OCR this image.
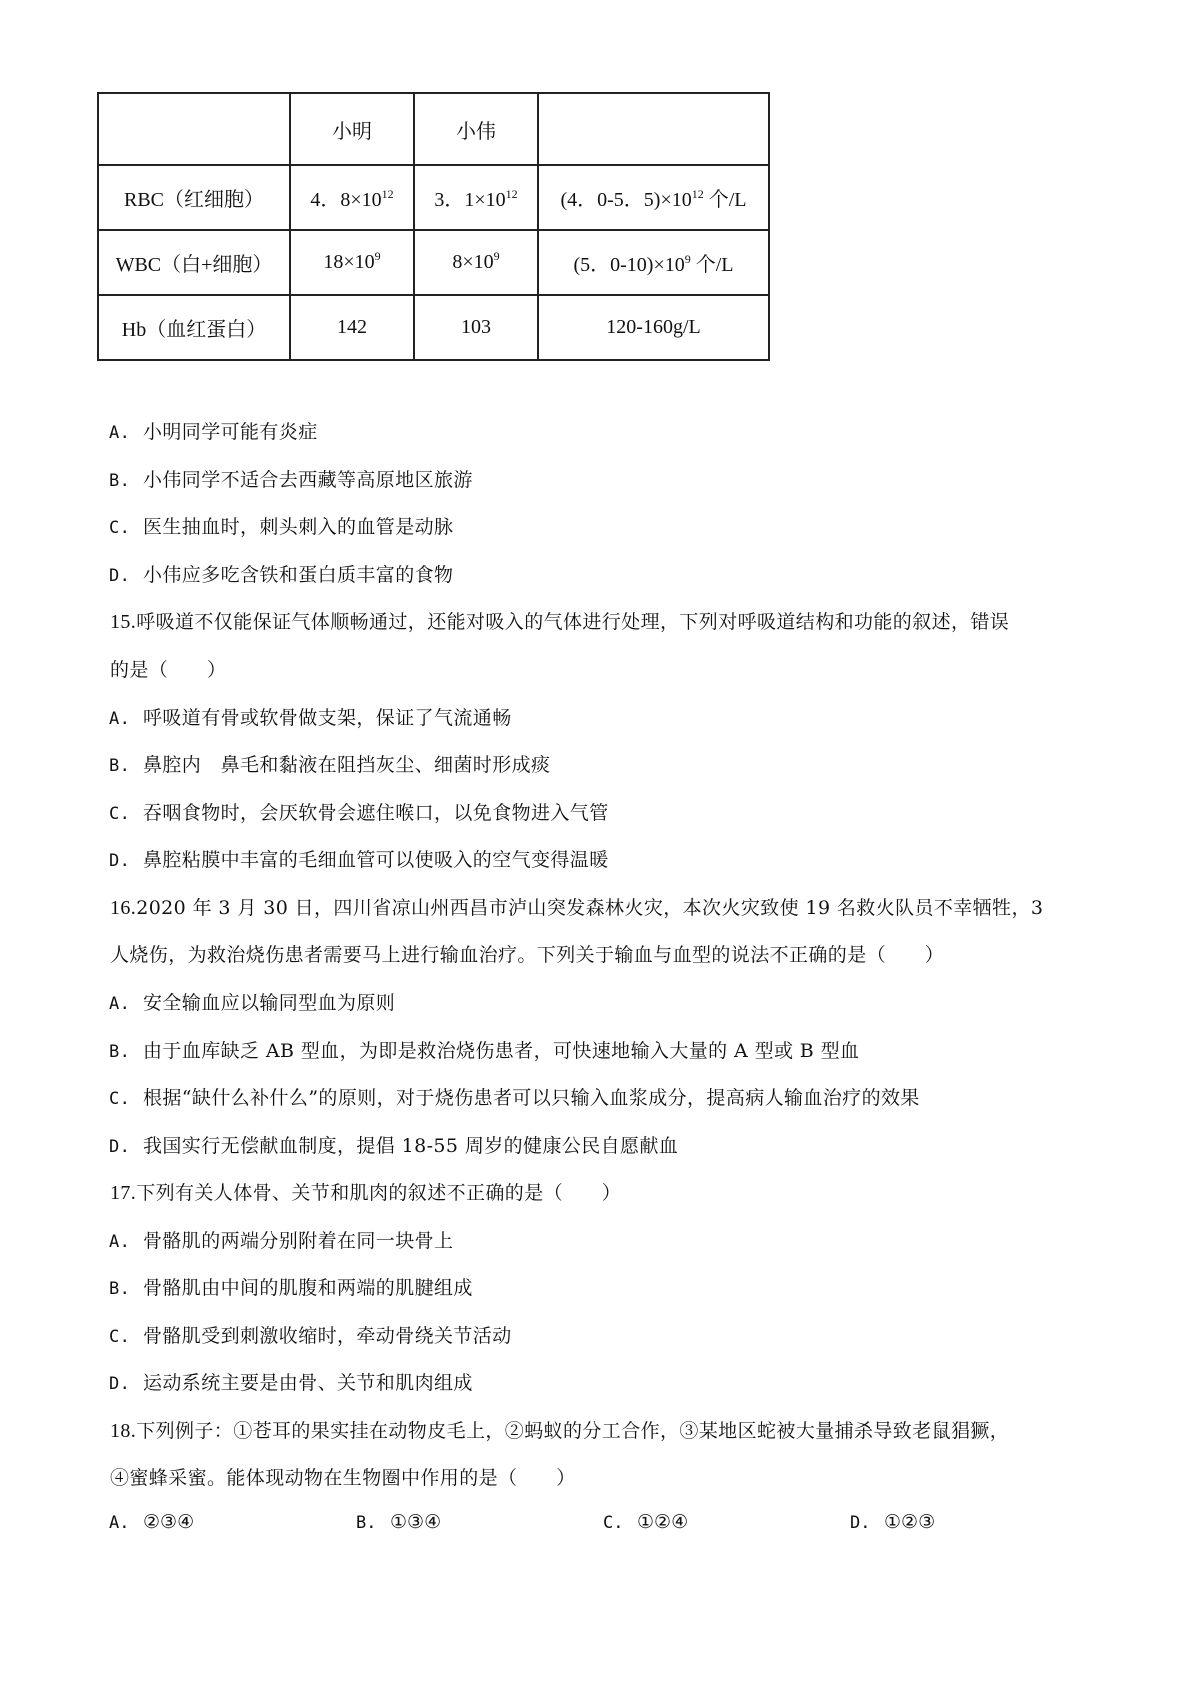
	小明	小伟	
RBC（红细胞）	4．$8\times 10^{12}$	3．$1\times 10^{12}$	(4．0-5．$5)\times 10^{12}$ 个/L
WBC（白+细胞）	$18\times 10^9$	$8\times 10^9$	(5．$0-10)\times 10^9$ 个/L
Hb（血红蛋白）	142	103	120-160g/L
A. 小明同学可能有炎症
B. 小伟同学不适合去西藏等高原地区旅游
C. 医生抽血时，刺头刺入的血管是动脉
D. 小伟应多吃含铁和蛋白质丰富的食物
15.呼吸道不仅能保证气体顺畅通过，还能对吸入的气体进行处理，下列对呼吸道结构和功能的叙述，错误
的是（　　）
A. 呼吸道有骨或软骨做支架，保证了气流通畅
B. 鼻腔内　鼻毛和黏液在阻挡灰尘、细菌时形成痰
C. 吞咽食物时，会厌软骨会遮住喉口，以免食物进入气管
D. 鼻腔粘膜中丰富的毛细血管可以使吸入的空气变得温暖
16.2020 年 3 月 30 日，四川省凉山州西昌市泸山突发森林火灾，本次火灾致使 19 名救火队员不幸牺牲，3
人烧伤，为救治烧伤患者需要马上进行输血治疗。下列关于输血与血型的说法不正确的是（　　）
A. 安全输血应以输同型血为原则
B. 由于血库缺乏 AB 型血，为即是救治烧伤患者，可快速地输入大量的 A 型或 B 型血
C. 根据“缺什么补什么”的原则，对于烧伤患者可以只输入血浆成分，提高病人输血治疗的效果
D. 我国实行无偿献血制度，提倡 18-55 周岁的健康公民自愿献血
17.下列有关人体骨、关节和肌肉的叙述不正确的是（　　）
A. 骨骼肌的两端分别附着在同一块骨上
B. 骨骼肌由中间的肌腹和两端的肌腱组成
C. 骨骼肌受到刺激收缩时，牵动骨绕关节活动
D. 运动系统主要是由骨、关节和肌肉组成
18.下列例子：①苍耳的果实挂在动物皮毛上，②蚂蚁的分工合作，③某地区蛇被大量捕杀导致老鼠猖獗，
④蜜蜂采蜜。能体现动物在生物圈中作用的是（　　）
A. ②③④	B. ①③④	C. ①②④	D. ①②③
